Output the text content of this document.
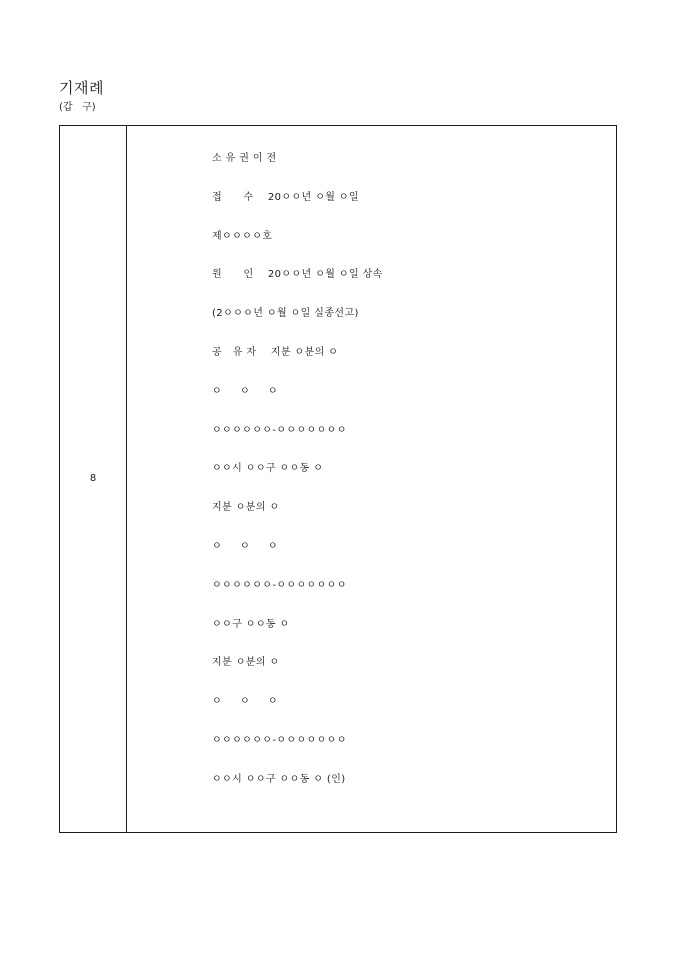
기재례
(갑   구)
8
소 유 권 이 전
접      수    20ㅇㅇ년 ㅇ월 ㅇ일
제ㅇㅇㅇㅇ호
원      인    20ㅇㅇ년 ㅇ월 ㅇ일 상속
(2ㅇㅇㅇ년 ㅇ월 ㅇ일 실종선고)
공   유 자    지분 ㅇ분의 ㅇ
ㅇ     ㅇ     ㅇ
ㅇㅇㅇㅇㅇㅇ-ㅇㅇㅇㅇㅇㅇㅇ
ㅇㅇ시 ㅇㅇ구 ㅇㅇ동 ㅇ
지분 ㅇ분의 ㅇ
ㅇ     ㅇ     ㅇ
ㅇㅇㅇㅇㅇㅇ-ㅇㅇㅇㅇㅇㅇㅇ
ㅇㅇ구 ㅇㅇ동 ㅇ
지분 ㅇ분의 ㅇ
ㅇ     ㅇ     ㅇ
ㅇㅇㅇㅇㅇㅇ-ㅇㅇㅇㅇㅇㅇㅇ
ㅇㅇ시 ㅇㅇ구 ㅇㅇ동 ㅇ (인)
